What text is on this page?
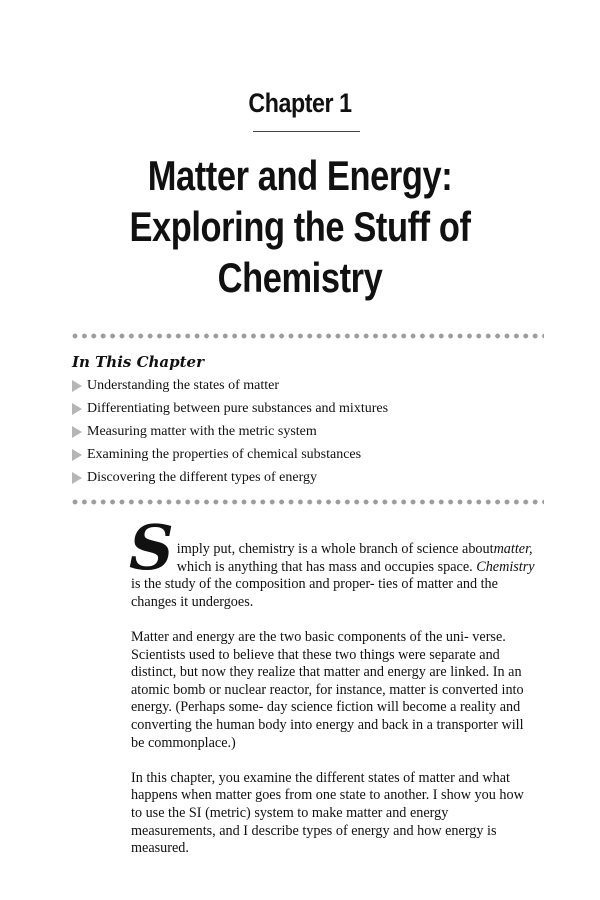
Chapter 1
Matter and Energy:
Exploring the Stuff of
Chemistry
In This Chapter
Understanding the states of matter
Differentiating between pure substances and mixtures
Measuring matter with the metric system
Examining the properties of chemical substances
Discovering the different types of energy

S imply put, chemistry is a whole branch of science aboutmatter, which is anything that has mass and occupies space. Chemistry is the study of the composition and proper- ties of matter and the changes it undergoes.

Matter and energy are the two basic components of the uni- verse. Scientists used to believe that these two things were separate and distinct, but now they realize that matter and energy are linked. In an atomic bomb or nuclear reactor, for instance, matter is converted into energy. (Perhaps some- day science fiction will become a reality and converting the human body into energy and back in a transporter will be commonplace.)

In this chapter, you examine the different states of matter and what happens when matter goes from one state to another. I show you how to use the SI (metric) system to make matter and energy measurements, and I describe types of energy and how energy is measured.
